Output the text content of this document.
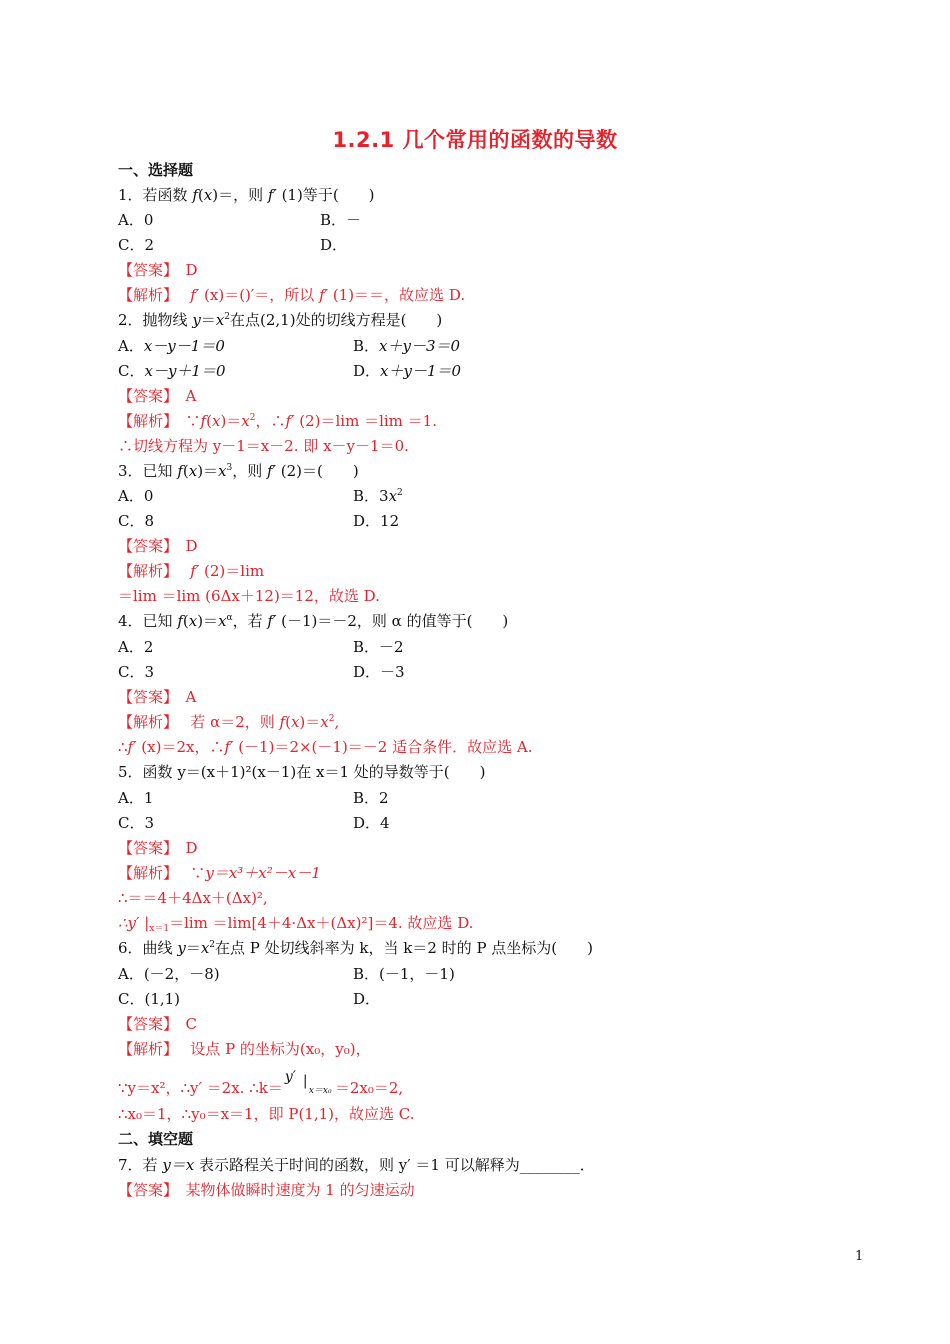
1.2.1 几个常用的函数的导数
一、选择题
1．若函数 f(x)＝，则 f′ (1)等于(　　)
A．0	B．－
C．2	D．
【答案】　 D
【解析】　 f′ (x)＝()′＝，所以 f′ (1)＝＝，故应选 D.
2．抛物线 $y=x^2$在点(2,1)处的切线方程是(　　)
A．x－y－1＝0	B．x＋y－3＝0
C．x－y＋1＝0	D．x＋y－1＝0
【答案】　 A
【解析】　 $\because f(x)=x^2$，∴f′ (2)＝lim ＝lim ＝1.
∴切线方程为 y－1＝x－2. 即 x－y－1＝0.
3．已知 $f(x)=x^3$，则 f′ (2)＝(　　)
A．0	B．$3x^2$
C．8	D．12
【答案】　 D
【解析】　 f′ (2)＝lim
＝lim ＝lim (6Δx＋12)＝12，故选 D.
4．已知 $f(x)=x^\alpha$，若 f′ (－1)＝－2，则 α 的值等于(　　)
A．2	B．－2
C．3	D．－3
【答案】　 A
【解析】　 若 α＝2，则 $f(x)=x^2$,
∴f′ (x)＝2x，∴f′ (－1)＝2×(－1)＝－2 适合条件．故应选 A.
5．函数 y＝(x＋1)²(x－1)在 x＝1 处的导数等于(　　)
A．1	B．2
C．3	D．4
【答案】　 D
【解析】　 ∵y＝x³＋x²－x－1
∴＝＝4＋4Δx＋(Δx)²,
∴y′ $|_{x=1}=\lim =\lim[4+4\cdot\Delta x+(\Delta x)^2]=4$. 故应选 D.
6．曲线 $y=x^2$在点 P 处切线斜率为 k，当 k＝2 时的 P 点坐标为(　　)
A．(－2，－8)	B．(－1，－1)
C．(1,1)	D．
【答案】　 C
【解析】　 设点 P 的坐标为(x₀，y₀)，
∵y＝x²，∴y′ ＝2x. ∴k＝
y′ |
x＝x₀ ＝2x₀＝2,
∴x₀＝1，∴y₀＝x＝1，即 P(1,1)，故应选 C.
二、填空题
7．若 y＝x 表示路程关于时间的函数，则 y′ ＝1 可以解释为________．
【答案】　 某物体做瞬时速度为 1 的匀速运动
1
